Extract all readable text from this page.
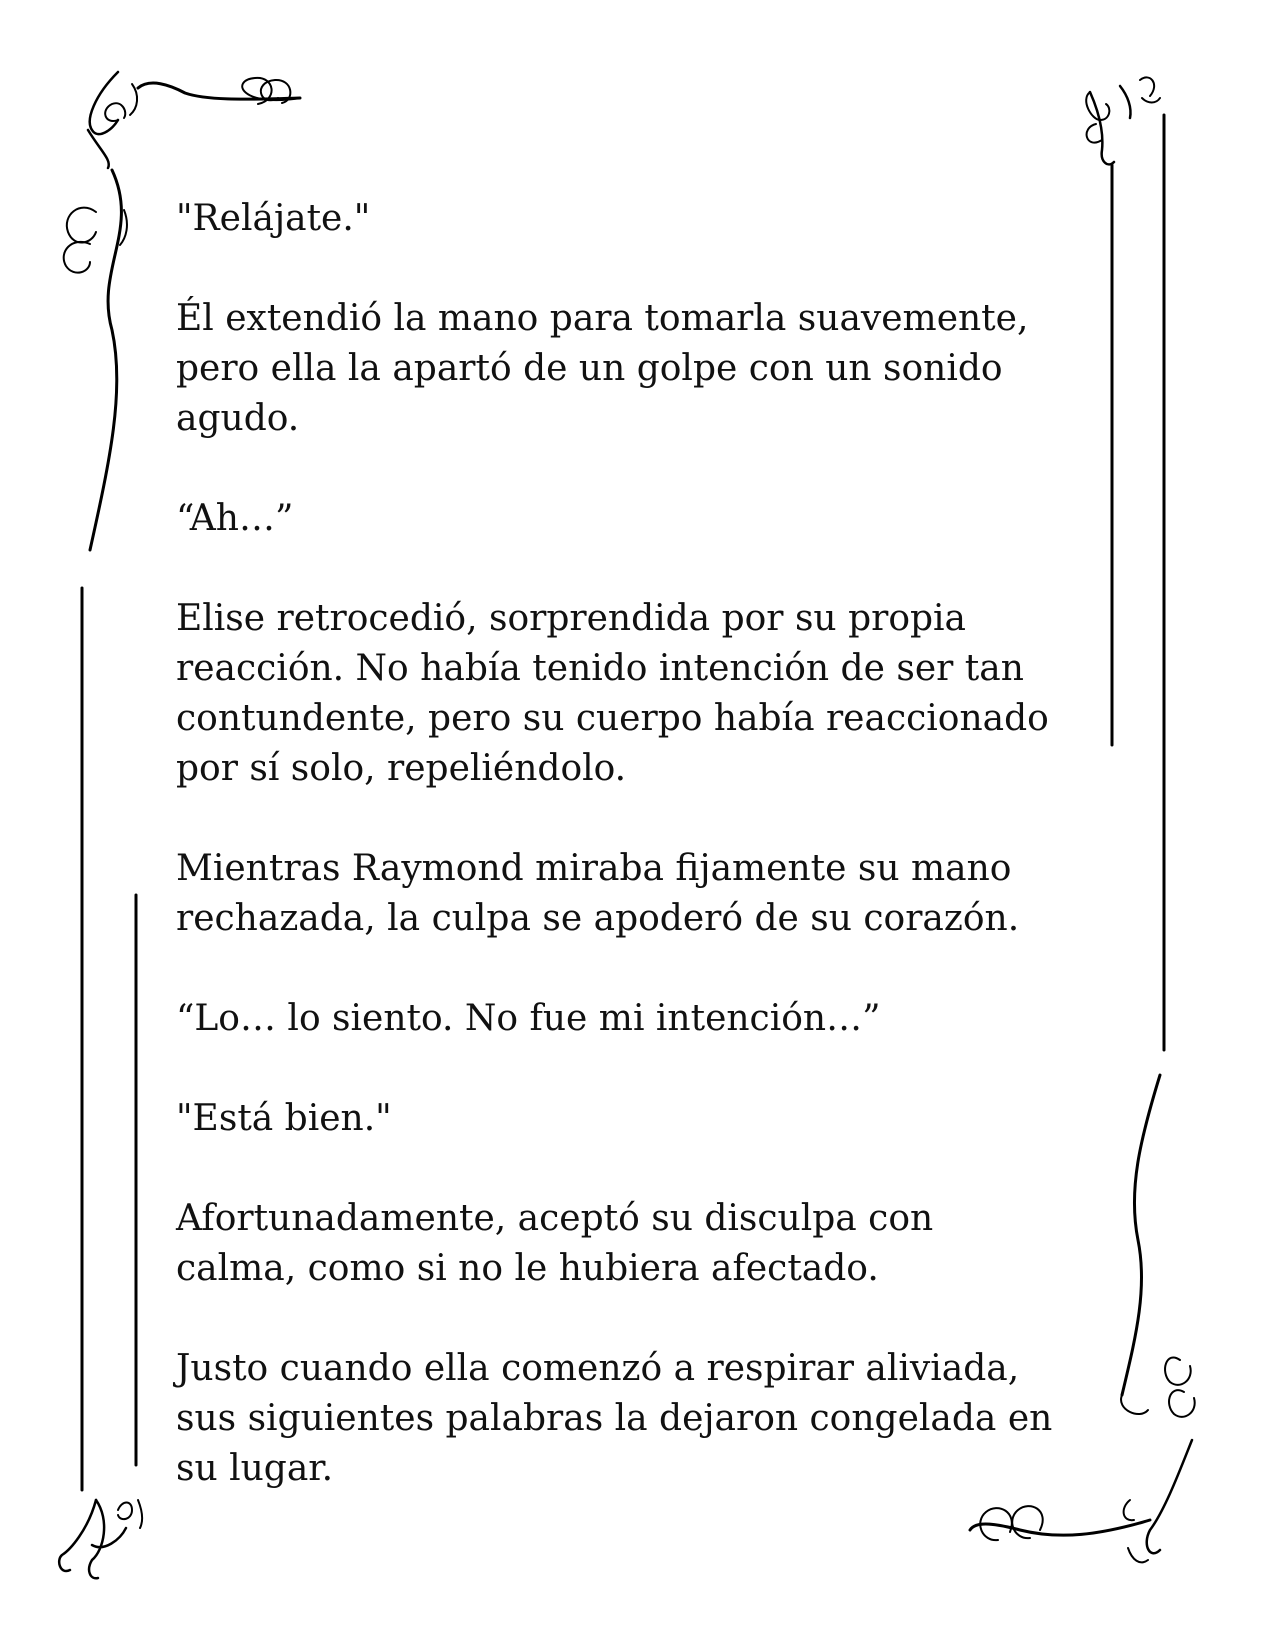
"Relájate."

Él extendió la mano para tomarla suavemente,
pero ella la apartó de un golpe con un sonido
agudo.

“Ah…”

Elise retrocedió, sorprendida por su propia
reacción. No había tenido intención de ser tan
contundente, pero su cuerpo había reaccionado
por sí solo, repeliéndolo.

Mientras Raymond miraba fijamente su mano
rechazada, la culpa se apoderó de su corazón.

“Lo… lo siento. No fue mi intención…”

"Está bien."

Afortunadamente, aceptó su disculpa con
calma, como si no le hubiera afectado.

Justo cuando ella comenzó a respirar aliviada,
sus siguientes palabras la dejaron congelada en
su lugar.
